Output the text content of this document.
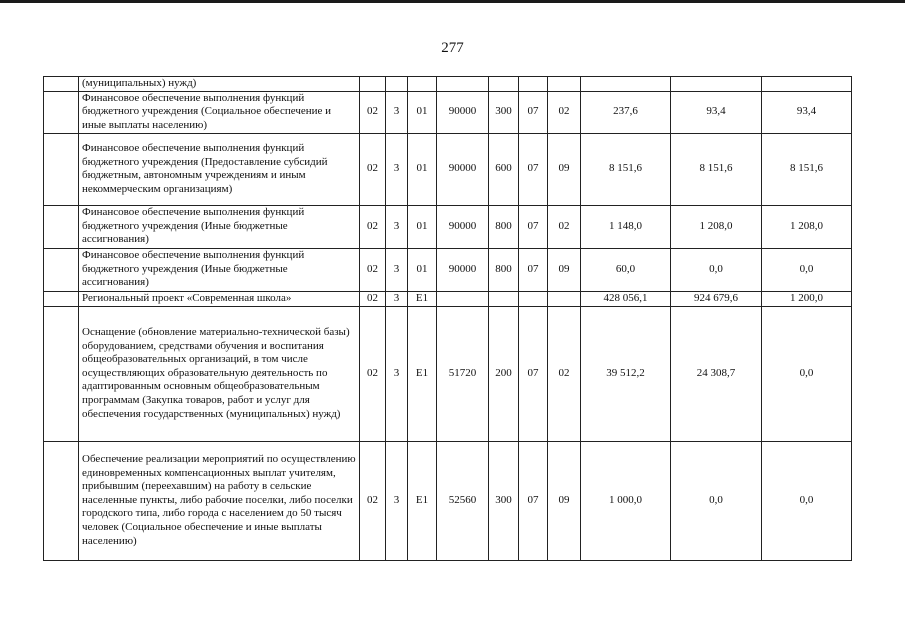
277
	(муниципальных) нужд)										
	Финансовое обеспечение выполнения функций бюджетного учреждения (Социальное обеспечение и иные выплаты населению)	02	3	01	90000	300	07	02	237,6	93,4	93,4
	Финансовое обеспечение выполнения функций бюджетного учреждения (Предоставление субсидий бюджетным, автономным учреждениям и иным некоммерческим организациям)	02	3	01	90000	600	07	09	8 151,6	8 151,6	8 151,6
	Финансовое обеспечение выполнения функций бюджетного учреждения (Иные бюджетные ассигнования)	02	3	01	90000	800	07	02	1 148,0	1 208,0	1 208,0
	Финансовое обеспечение выполнения функций бюджетного учреждения (Иные бюджетные ассигнования)	02	3	01	90000	800	07	09	60,0	0,0	0,0
	Региональный проект «Современная школа»	02	3	E1					428 056,1	924 679,6	1 200,0
	Оснащение (обновление материально-технической базы) оборудованием, средствами обучения и воспитания общеобразовательных организаций, в том числе осуществляющих образовательную деятельность по адаптированным основным общеобразовательным программам (Закупка товаров, работ и услуг для обеспечения государственных (муниципальных) нужд)	02	3	E1	51720	200	07	02	39 512,2	24 308,7	0,0
	Обеспечение реализации мероприятий по осуществлению единовременных компенсационных выплат учителям, прибывшим (переехавшим) на работу в сельские населенные пункты, либо рабочие поселки, либо поселки городского типа, либо города с населением до 50 тысяч человек (Социальное обеспечение и иные выплаты населению)	02	3	E1	52560	300	07	09	1 000,0	0,0	0,0
